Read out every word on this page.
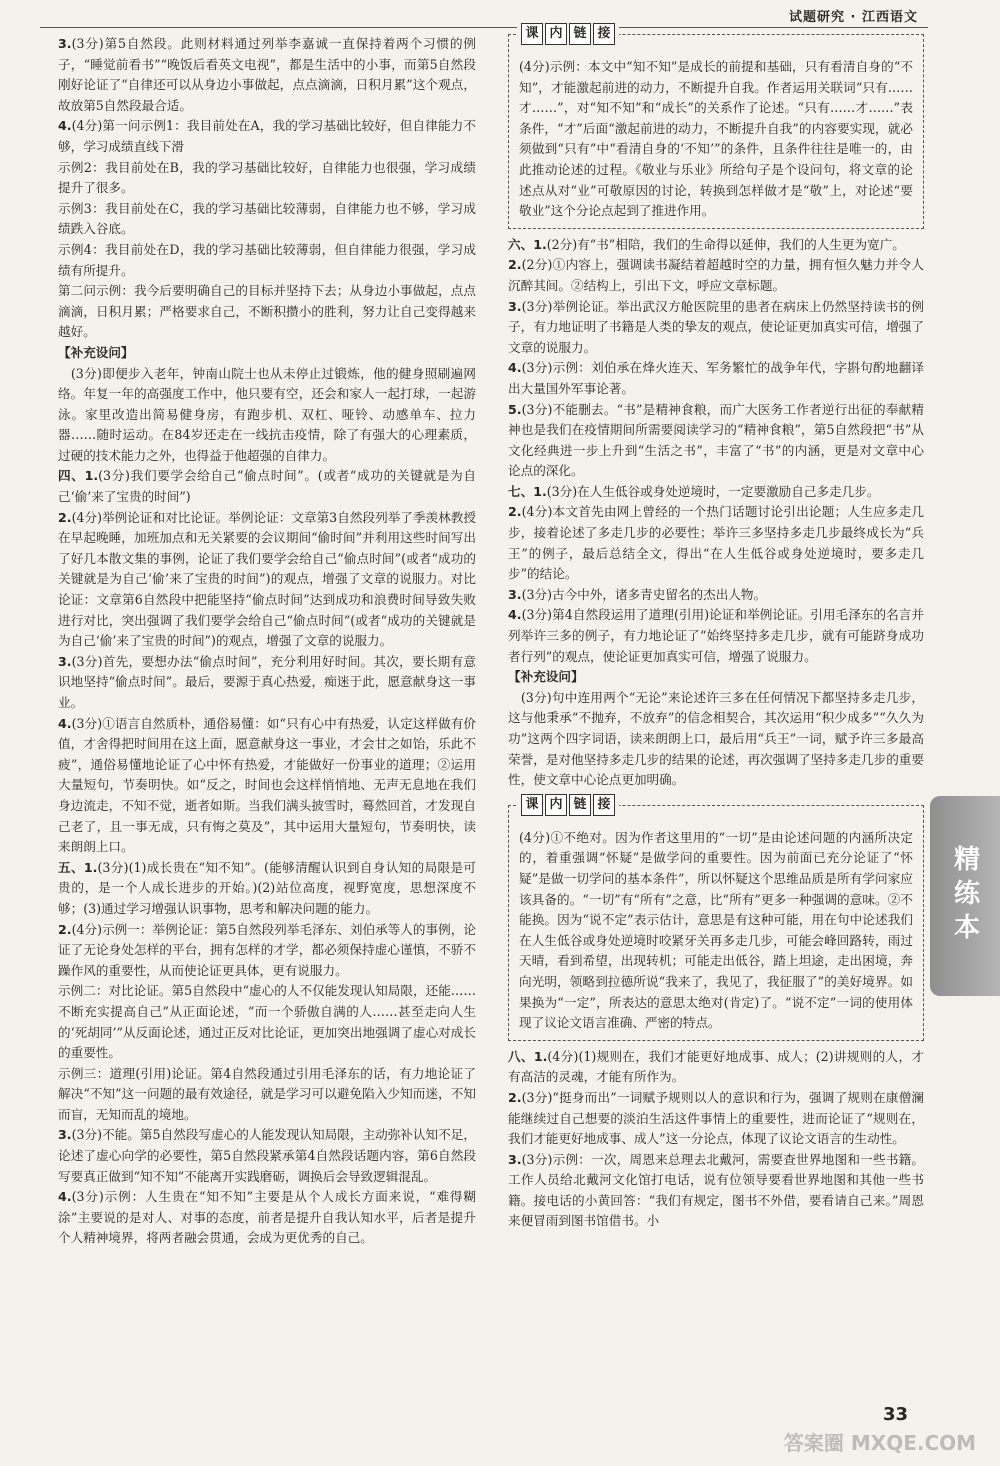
试题研究 · 江西语文

3.(3分)第5自然段。此则材料通过列举李嘉诚一直保持着两个习惯的例子，“睡觉前看书”“晚饭后看英文电视”，都是生活中的小事，而第5自然段刚好论证了“自律还可以从身边小事做起，点点滴滴，日积月累”这个观点，故放第5自然段最合适。

4.(4分)第一问示例1：我目前处在A，我的学习基础比较好，但自律能力不够，学习成绩直线下滑

示例2：我目前处在B，我的学习基础比较好，自律能力也很强，学习成绩提升了很多。

示例3：我目前处在C，我的学习基础比较薄弱，自律能力也不够，学习成绩跌入谷底。

示例4：我目前处在D，我的学习基础比较薄弱，但自律能力很强，学习成绩有所提升。

第二问示例：我今后要明确自己的目标并坚持下去；从身边小事做起，点点滴滴，日积月累；严格要求自己，不断积攒小的胜利，努力让自己变得越来越好。

【补充设问】

　(3分)即便步入老年，钟南山院士也从未停止过锻炼，他的健身照刷遍网络。年复一年的高强度工作中，他只要有空，还会和家人一起打球，一起游泳。家里改造出简易健身房，有跑步机、双杠、哑铃、动感单车、拉力器……随时运动。在84岁还走在一线抗击疫情，除了有强大的心理素质，过硬的技术能力之外，也得益于他超强的自律力。

四、1.(3分)我们要学会给自己“偷点时间”。(或者“成功的关键就是为自己‘偷’来了宝贵的时间”)

2.(4分)举例论证和对比论证。举例论证：文章第3自然段列举了季羡林教授在早起晚睡，加班加点和无关紧要的会议期间“偷时间”并利用这些时间写出了好几本散文集的事例，论证了我们要学会给自己“偷点时间”(或者“成功的关键就是为自己‘偷’来了宝贵的时间”)的观点，增强了文章的说服力。对比论证：文章第6自然段中把能坚持“偷点时间”达到成功和浪费时间导致失败进行对比，突出强调了我们要学会给自己“偷点时间”(或者“成功的关键就是为自己‘偷’来了宝贵的时间”)的观点，增强了文章的说服力。

3.(3分)首先，要想办法“偷点时间”，充分利用好时间。其次，要长期有意识地坚持“偷点时间”。最后，要源于真心热爱，痴迷于此，愿意献身这一事业。

4.(3分)①语言自然质朴，通俗易懂：如“只有心中有热爱，认定这样做有价值，才舍得把时间用在这上面，愿意献身这一事业，才会甘之如饴，乐此不疲”，通俗易懂地论证了心中怀有热爱，才能做好一份事业的道理；②运用大量短句，节奏明快。如“反之，时间也会这样悄悄地、无声无息地在我们身边流走，不知不觉，逝者如斯。当我们满头披雪时，蓦然回首，才发现自己老了，且一事无成，只有悔之莫及”，其中运用大量短句，节奏明快，读来朗朗上口。

五、1.(3分)(1)成长贵在“知不知”。(能够清醒认识到自身认知的局限是可贵的，是一个人成长进步的开始。)(2)站位高度，视野宽度，思想深度不够；(3)通过学习增强认识事物，思考和解决问题的能力。

2.(4分)示例一：举例论证：第5自然段列举毛泽东、刘伯承等人的事例，论证了无论身处怎样的平台，拥有怎样的才学，都必须保持虚心谨慎，不骄不躁作风的重要性，从而使论证更具体，更有说服力。

示例二：对比论证。第5自然段中“虚心的人不仅能发现认知局限，还能……不断充实提高自己”从正面论述，“而一个骄傲自满的人……甚至走向人生的‘死胡同’”从反面论述，通过正反对比论证，更加突出地强调了虚心对成长的重要性。

示例三：道理(引用)论证。第4自然段通过引用毛泽东的话，有力地论证了解决“不知”这一问题的最有效途径，就是学习可以避免陷入少知而迷，不知而盲，无知而乱的境地。

3.(3分)不能。第5自然段写虚心的人能发现认知局限，主动弥补认知不足，论述了虚心向学的必要性，第5自然段紧承第4自然段话题内容，第6自然段写要真正做到“知不知”不能离开实践磨砺，调换后会导致逻辑混乱。

4.(3分)示例：人生贵在“知不知”主要是从个人成长方面来说，“难得糊涂”主要说的是对人、对事的态度，前者是提升自我认知水平，后者是提升个人精神境界，将两者融会贯通，会成为更优秀的自己。

课 内 链 接

(4分)示例：本文中“知不知”是成长的前提和基础，只有看清自身的“不知”，才能激起前进的动力，不断提升自我。作者运用关联词“只有……才……”，对“知不知”和“成长”的关系作了论述。“只有……才……”表条件，“才”后面“激起前进的动力，不断提升自我”的内容要实现，就必须做到“只有”中“看清自身的‘不知’”的条件，且条件往往是唯一的，由此推动论述的过程。《敬业与乐业》所给句子是个设问句，将文章的论述点从对“业”可敬原因的讨论，转换到怎样做才是“敬”上，对论述“要敬业”这个分论点起到了推进作用。

六、1.(2分)有“书”相陪，我们的生命得以延伸，我们的人生更为宽广。

2.(2分)①内容上，强调读书凝结着超越时空的力量，拥有恒久魅力并令人沉醉其间。②结构上，引出下文，呼应文章标题。

3.(3分)举例论证。举出武汉方舱医院里的患者在病床上仍然坚持读书的例子，有力地证明了书籍是人类的挚友的观点，使论证更加真实可信，增强了文章的说服力。

4.(3分)示例：刘伯承在烽火连天、军务繁忙的战争年代，字斟句酌地翻译出大量国外军事论著。

5.(3分)不能删去。“书”是精神食粮，而广大医务工作者逆行出征的奉献精神也是我们在疫情期间所需要阅读学习的“精神食粮”，第5自然段把“书”从文化经典进一步上升到“生活之书”，丰富了“书”的内涵，更是对文章中心论点的深化。

七、1.(3分)在人生低谷或身处逆境时，一定要激励自己多走几步。

2.(4分)本文首先由网上曾经的一个热门话题讨论引出论题；人生应多走几步，接着论述了多走几步的必要性；举许三多坚持多走几步最终成长为“兵王”的例子，最后总结全文，得出“在人生低谷或身处逆境时，要多走几步”的结论。

3.(3分)古今中外，诸多青史留名的杰出人物。

4.(3分)第4自然段运用了道理(引用)论证和举例论证。引用毛泽东的名言并列举许三多的例子，有力地论证了“始终坚持多走几步，就有可能跻身成功者行列”的观点，使论证更加真实可信，增强了说服力。

【补充设问】

　(3分)句中连用两个“无论”来论述许三多在任何情况下都坚持多走几步，这与他秉承“不抛弃，不放弃”的信念相契合，其次运用“积少成多”“久久为功”这两个四字词语，读来朗朗上口，最后用“兵王”一词，赋予许三多最高荣誉，是对他坚持多走几步的结果的论述，再次强调了坚持多走几步的重要性，使文章中心论点更加明确。

课 内 链 接

(4分)①不绝对。因为作者这里用的“一切”是由论述问题的内涵所决定的，着重强调“怀疑”是做学问的重要性。因为前面已充分论证了“怀疑”是做一切学问的基本条件”，所以怀疑这个思维品质是所有学问家应该具备的。“一切”有“所有”之意，比“所有”更多一种强调的意味。②不能换。因为“说不定”表示估计，意思是有这种可能，用在句中论述我们在人生低谷或身处逆境时咬紧牙关再多走几步，可能会峰回路转，雨过天晴，看到希望，出现转机；可能走出低谷，踏上坦途，走出困境，奔向光明，领略到拉德所说“我来了，我见了，我征服了”的美好境界。如果换为“一定”，所表达的意思太绝对(肯定)了。“说不定”一词的使用体现了议论文语言准确、严密的特点。

八、1.(4分)(1)规则在，我们才能更好地成事、成人；(2)讲规则的人，才有高洁的灵魂，才能有所作为。

2.(3分)“挺身而出”一词赋予规则以人的意识和行为，强调了规则在康僧澜能继续过自己想要的淡泊生活这件事情上的重要性，进而论证了“规则在，我们才能更好地成事、成人”这一分论点，体现了议论文语言的生动性。

3.(3分)示例：一次，周恩来总理去北戴河，需要查世界地图和一些书籍。工作人员给北戴河文化馆打电话，说有位领导要看世界地图和其他一些书籍。接电话的小黄回答：“我们有规定，图书不外借，要看请自己来。”周恩来便冒雨到图书馆借书。小

精练本
33
答案圈 MXQE.COM
